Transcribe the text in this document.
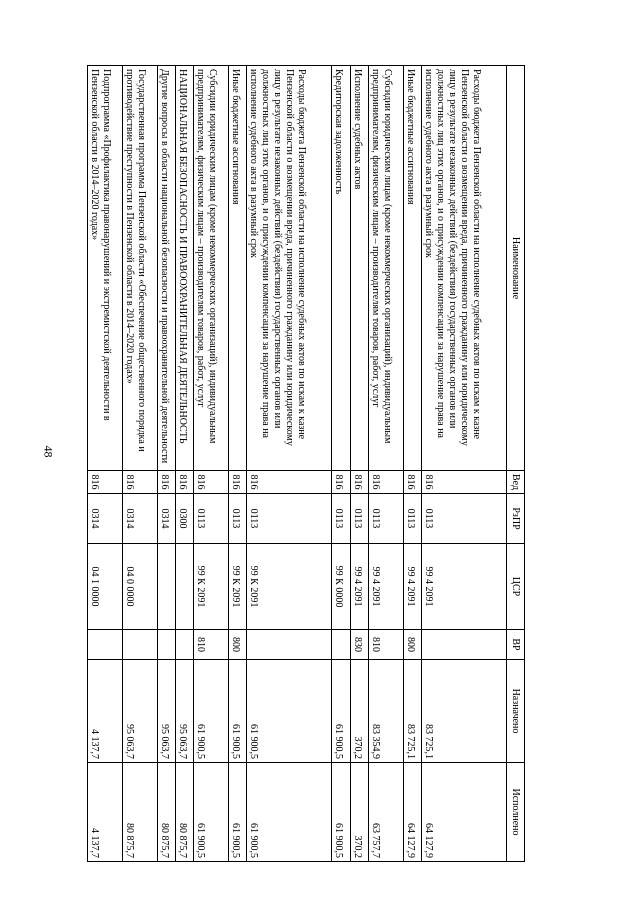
48
Наименование	Вед	РзПР	ЦСР	ВР	Назначено	Исполнено
Расходы бюджета Пензенской области на исполнение судебных актов по искам к казне Пензенской области о возмещении вреда, причиненного гражданину или юридическому лицу в результате незаконных действий (бездействия) государственных органов или должностных лиц этих органов, и о присуждении компенсации за нарушение права на исполнение судебного акта в разумный срок	816	0113	99 4 2091		83 725,1	64 127,9
Иные бюджетные ассигнования	816	0113	99 4 2091	800	83 725,1	64 127,9
Субсидии юридическим лицам (кроме некоммерческих организаций), индивидуальным предпринимателям, физическим лицам – производителям товаров, работ, услуг	816	0113	99 4 2091	810	83 354,9	63 757,7
Исполнение судебных актов	816	0113	99 4 2091	830	370,2	370,2
Кредиторская задолженность	816	0113	99 К 0000		61 900,5	61 900,5
Расходы бюджета Пензенской области на исполнение судебных актов по искам к казне Пензенской области о возмещении вреда, причиненного гражданину или юридическому лицу в результате незаконных действий (бездействия) государственных органов или должностных лиц этих органов, и о присуждении компенсации за нарушение права на исполнение судебного акта в разумный срок	816	0113	99 К 2091		61 900,5	61 900,5
Иные бюджетные ассигнования	816	0113	99 К 2091	800	61 900,5	61 900,5
Субсидии юридическим лицам (кроме некоммерческих организаций), индивидуальным предпринимателям, физическим лицам – производителям товаров, работ, услуг	816	0113	99 К 2091	810	61 900,5	61 900,5
НАЦИОНАЛЬНАЯ БЕЗОПАСНОСТЬ И ПРАВООХРАНИТЕЛЬНАЯ ДЕЯТЕЛЬНОСТЬ	816	0300			95 063,7	80 875,7
Другие вопросы в области национальной безопасности и правоохранительной деятельности	816	0314			95 063,7	80 875,7
Государственная программа Пензенской области «Обеспечение общественного порядка и противодействие преступности в Пензенской области в 2014–2020 годах»	816	0314	04 0 0000		95 063,7	80 875,7
Подпрограмма «Профилактика правонарушений и экстремистской деятельности в Пензенской области в 2014–2020 годах»	816	0314	04 1 0000		4 137,7	4 137,7
